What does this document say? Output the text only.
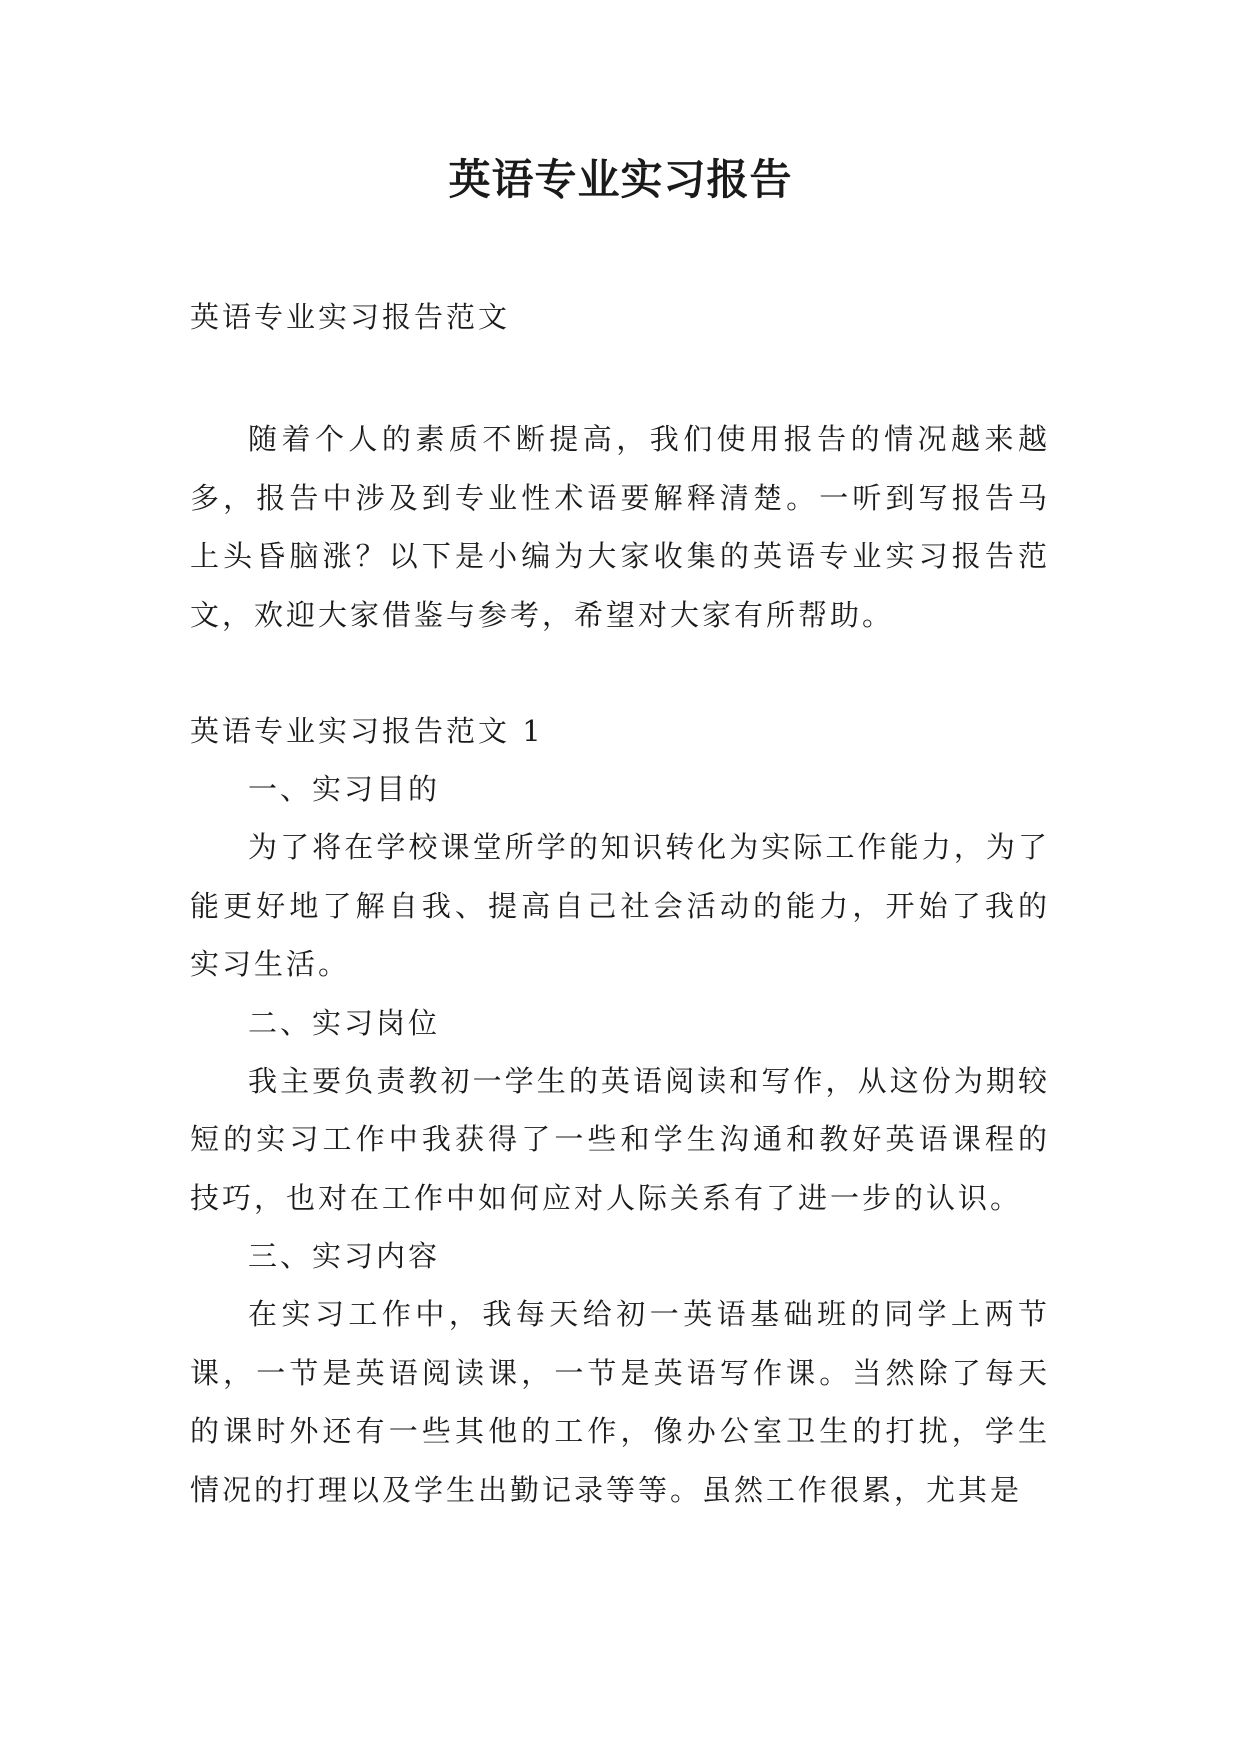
英语专业实习报告

英语专业实习报告范文

随着个人的素质不断提高，我们使用报告的情况越来越多，报告中涉及到专业性术语要解释清楚。一听到写报告马上头昏脑涨？以下是小编为大家收集的英语专业实习报告范文，欢迎大家借鉴与参考，希望对大家有所帮助。

英语专业实习报告范文 1

一、实习目的

为了将在学校课堂所学的知识转化为实际工作能力，为了能更好地了解自我、提高自己社会活动的能力，开始了我的实习生活。

二、实习岗位

我主要负责教初一学生的英语阅读和写作，从这份为期较短的实习工作中我获得了一些和学生沟通和教好英语课程的技巧，也对在工作中如何应对人际关系有了进一步的认识。

三、实习内容

在实习工作中，我每天给初一英语基础班的同学上两节课，一节是英语阅读课，一节是英语写作课。当然除了每天的课时外还有一些其他的工作，像办公室卫生的打扰，学生情况的打理以及学生出勤记录等等。虽然工作很累，尤其是
